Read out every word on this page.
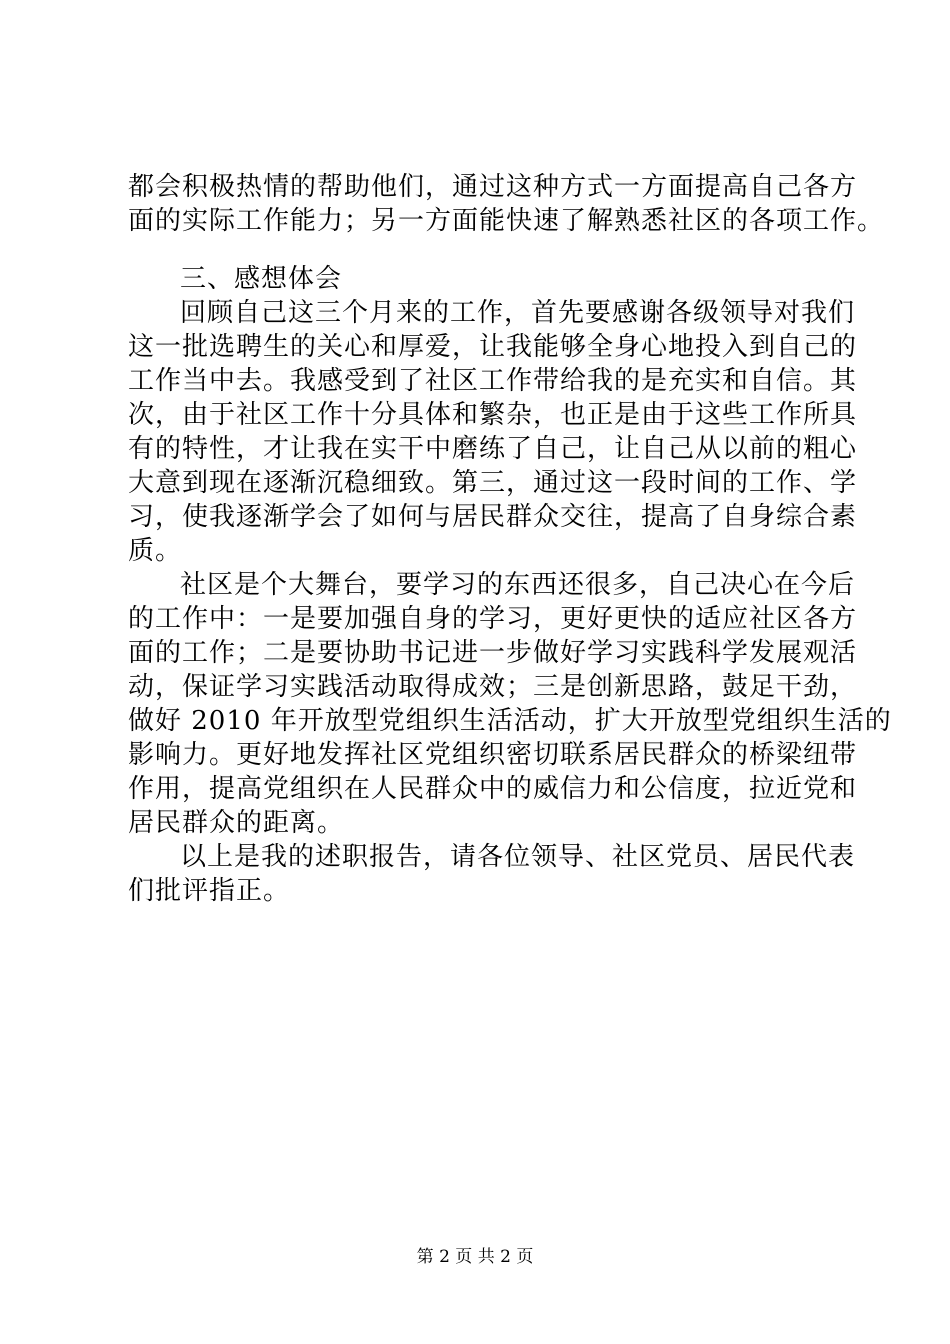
都会积极热情的帮助他们，通过这种方式一方面提高自己各方
面的实际工作能力；另一方面能快速了解熟悉社区的各项工作。
三、感想体会
回顾自己这三个月来的工作，首先要感谢各级领导对我们
这一批选聘生的关心和厚爱，让我能够全身心地投入到自己的
工作当中去。我感受到了社区工作带给我的是充实和自信。其
次，由于社区工作十分具体和繁杂，也正是由于这些工作所具
有的特性，才让我在实干中磨练了自己，让自己从以前的粗心
大意到现在逐渐沉稳细致。第三，通过这一段时间的工作、学
习，使我逐渐学会了如何与居民群众交往，提高了自身综合素
质。
社区是个大舞台，要学习的东西还很多，自己决心在今后
的工作中：一是要加强自身的学习，更好更快的适应社区各方
面的工作；二是要协助书记进一步做好学习实践科学发展观活
动，保证学习实践活动取得成效；三是创新思路，鼓足干劲，
做好 2010 年开放型党组织生活活动，扩大开放型党组织生活的
影响力。更好地发挥社区党组织密切联系居民群众的桥梁纽带
作用，提高党组织在人民群众中的威信力和公信度，拉近党和
居民群众的距离。
以上是我的述职报告，请各位领导、社区党员、居民代表
们批评指正。
第 2 页 共 2 页
